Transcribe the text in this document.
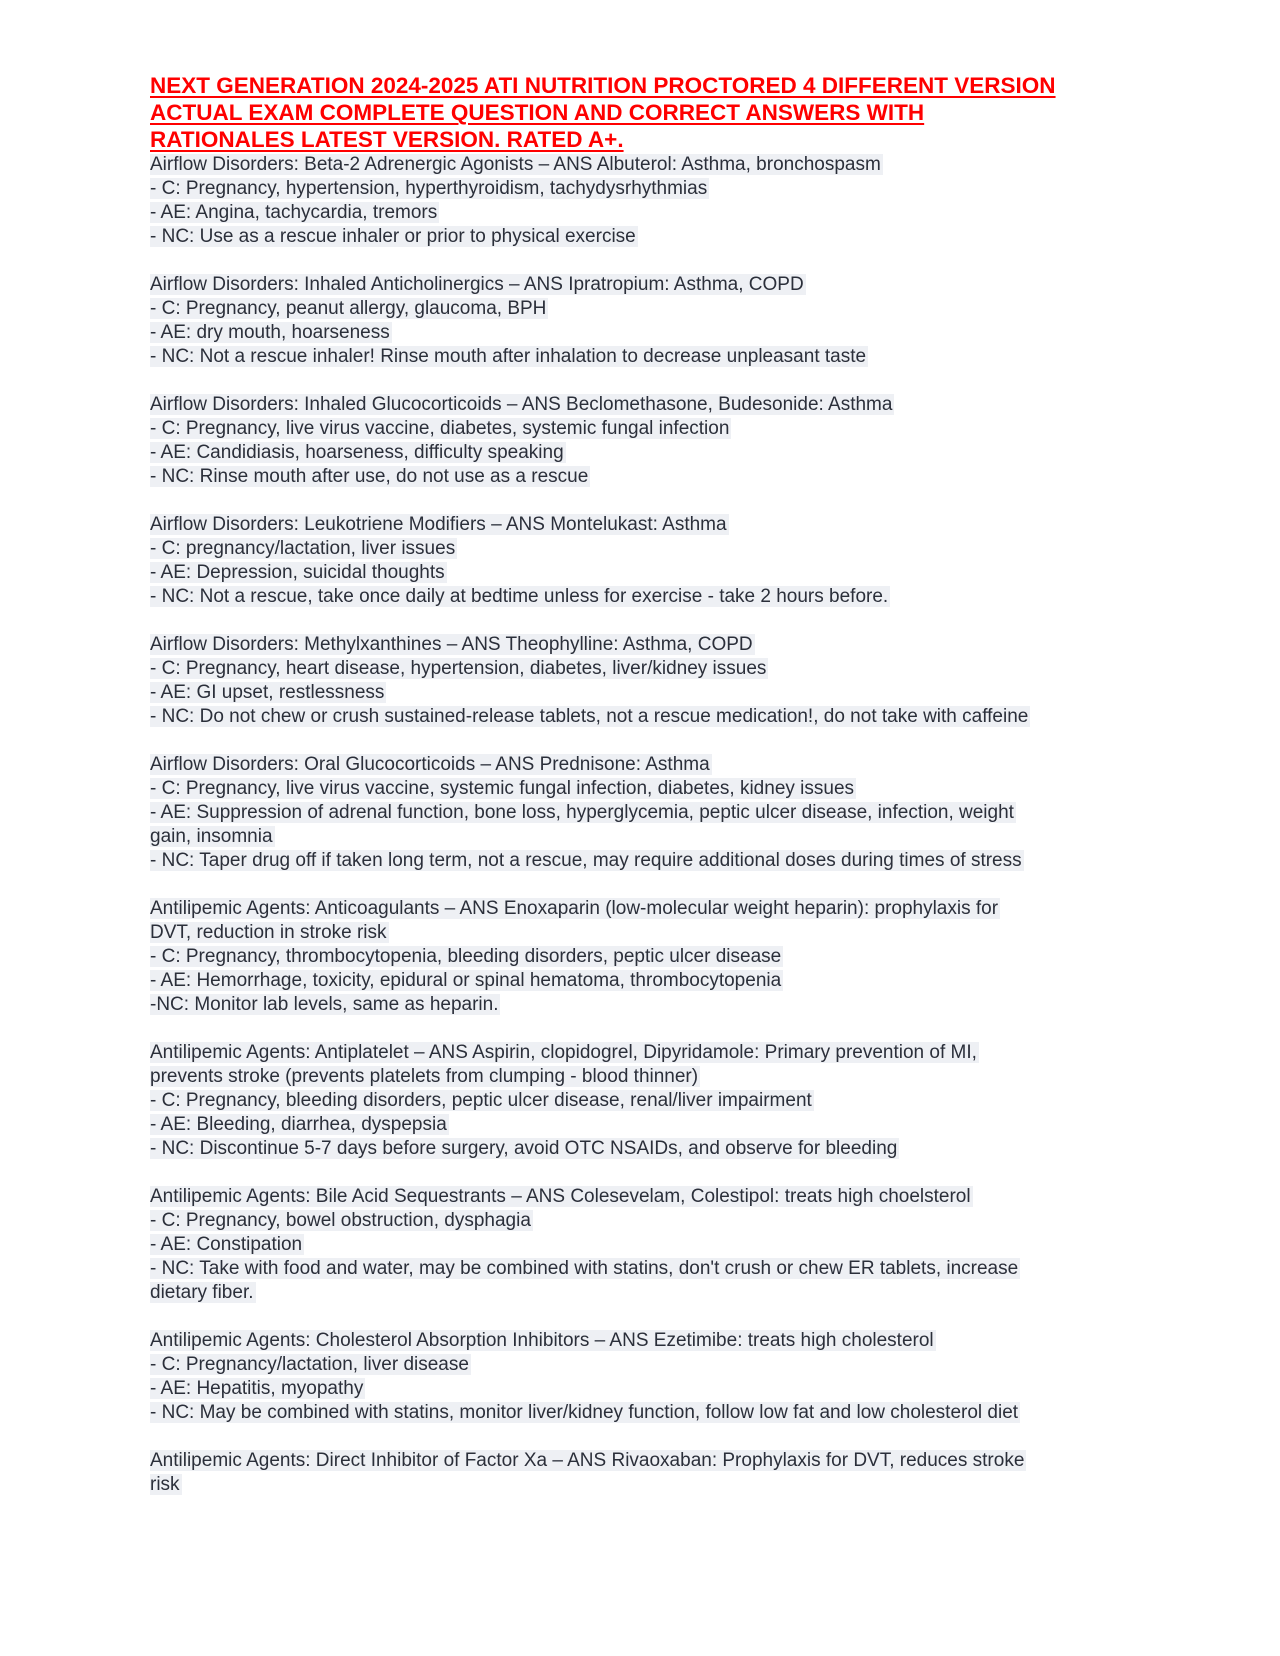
NEXT GENERATION 2024-2025 ATI NUTRITION PROCTORED 4 DIFFERENT VERSION
ACTUAL EXAM COMPLETE QUESTION AND CORRECT ANSWERS WITH
RATIONALES LATEST VERSION. RATED A+.
Airflow Disorders: Beta-2 Adrenergic Agonists – ANS Albuterol: Asthma, bronchospasm
- C: Pregnancy, hypertension, hyperthyroidism, tachydysrhythmias
- AE: Angina, tachycardia, tremors
- NC: Use as a rescue inhaler or prior to physical exercise
Airflow Disorders: Inhaled Anticholinergics – ANS Ipratropium: Asthma, COPD
- C: Pregnancy, peanut allergy, glaucoma, BPH
- AE: dry mouth, hoarseness
- NC: Not a rescue inhaler! Rinse mouth after inhalation to decrease unpleasant taste
Airflow Disorders: Inhaled Glucocorticoids – ANS Beclomethasone, Budesonide: Asthma
- C: Pregnancy, live virus vaccine, diabetes, systemic fungal infection
- AE: Candidiasis, hoarseness, difficulty speaking
- NC: Rinse mouth after use, do not use as a rescue
Airflow Disorders: Leukotriene Modifiers – ANS Montelukast: Asthma
- C: pregnancy/lactation, liver issues
- AE: Depression, suicidal thoughts
- NC: Not a rescue, take once daily at bedtime unless for exercise - take 2 hours before.
Airflow Disorders: Methylxanthines – ANS Theophylline: Asthma, COPD
- C: Pregnancy, heart disease, hypertension, diabetes, liver/kidney issues
- AE: GI upset, restlessness
- NC: Do not chew or crush sustained-release tablets, not a rescue medication!, do not take with caffeine
Airflow Disorders: Oral Glucocorticoids – ANS Prednisone: Asthma
- C: Pregnancy, live virus vaccine, systemic fungal infection, diabetes, kidney issues
- AE: Suppression of adrenal function, bone loss, hyperglycemia, peptic ulcer disease, infection, weight
gain, insomnia
- NC: Taper drug off if taken long term, not a rescue, may require additional doses during times of stress
Antilipemic Agents: Anticoagulants – ANS Enoxaparin (low-molecular weight heparin): prophylaxis for
DVT, reduction in stroke risk
- C: Pregnancy, thrombocytopenia, bleeding disorders, peptic ulcer disease
- AE: Hemorrhage, toxicity, epidural or spinal hematoma, thrombocytopenia
-NC: Monitor lab levels, same as heparin.
Antilipemic Agents: Antiplatelet – ANS Aspirin, clopidogrel, Dipyridamole: Primary prevention of MI,
prevents stroke (prevents platelets from clumping - blood thinner)
- C: Pregnancy, bleeding disorders, peptic ulcer disease, renal/liver impairment
- AE: Bleeding, diarrhea, dyspepsia
- NC: Discontinue 5-7 days before surgery, avoid OTC NSAIDs, and observe for bleeding
Antilipemic Agents: Bile Acid Sequestrants – ANS Colesevelam, Colestipol: treats high choelsterol
- C: Pregnancy, bowel obstruction, dysphagia
- AE: Constipation
- NC: Take with food and water, may be combined with statins, don't crush or chew ER tablets, increase
dietary fiber.
Antilipemic Agents: Cholesterol Absorption Inhibitors – ANS Ezetimibe: treats high cholesterol
- C: Pregnancy/lactation, liver disease
- AE: Hepatitis, myopathy
- NC: May be combined with statins, monitor liver/kidney function, follow low fat and low cholesterol diet
Antilipemic Agents: Direct Inhibitor of Factor Xa – ANS Rivaoxaban: Prophylaxis for DVT, reduces stroke
risk
